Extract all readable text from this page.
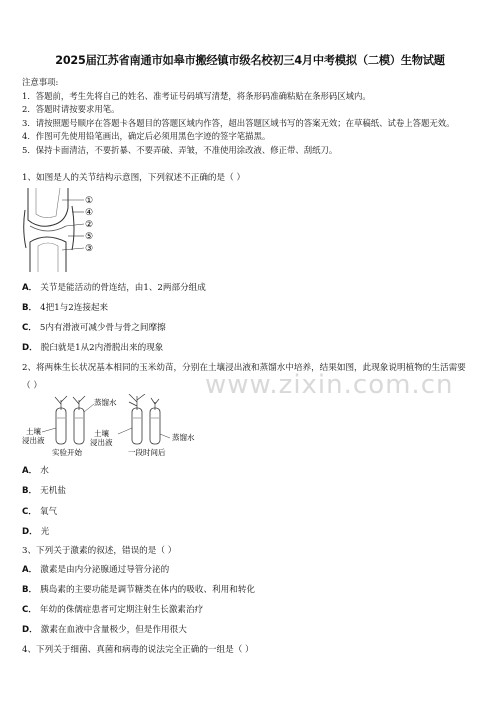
2025届江苏省南通市如皋市搬经镇市级名校初三4月中考模拟（二模）生物试题
注意事项:
1．答题前，考生先将自己的姓名、准考证号码填写清楚，将条形码准确粘贴在条形码区域内。
2．答题时请按要求用笔。
3．请按照题号顺序在答题卡各题目的答题区域内作答，超出答题区域书写的答案无效；在草稿纸、试卷上答题无效。
4．作图可先使用铅笔画出，确定后必须用黑色字迹的签字笔描黑。
5．保持卡面清洁，不要折暴、不要弄破、弄皱，不准使用涂改液、修正带、刮纸刀。
1、如图是人的关节结构示意图，下列叙述不正确的是（ ）
①
④
②
⑤
③
A． 关节是能活动的骨连结，由1、2两部分组成
B． 4把1与2连接起来
C． 5内有滑液可减少骨与骨之间摩擦
D． 脱臼就是1从2内滑脱出来的现象
2、将两株生长状况基本相同的玉米幼苗，分别在土壤浸出液和蒸馏水中培养，结果如图，此现象说明植物的生活需要
（ ）
土壤
浸出液
蒸馏水
土壤
浸出液
蒸馏水
实验开始	一段时间后
A． 水
B． 无机盐
C． 氧气
D． 光
3、下列关于激素的叙述，错误的是（ ）
A． 激素是由内分泌腺通过导管分泌的
B． 胰岛素的主要功能是调节糖类在体内的吸收、利用和转化
C． 年幼的侏儒症患者可定期注射生长激素治疗
D． 激素在血液中含量极少，但是作用很大
4、下列关于细菌、真菌和病毒的说法完全正确的一组是（ ）
www.zixin.com.cn
